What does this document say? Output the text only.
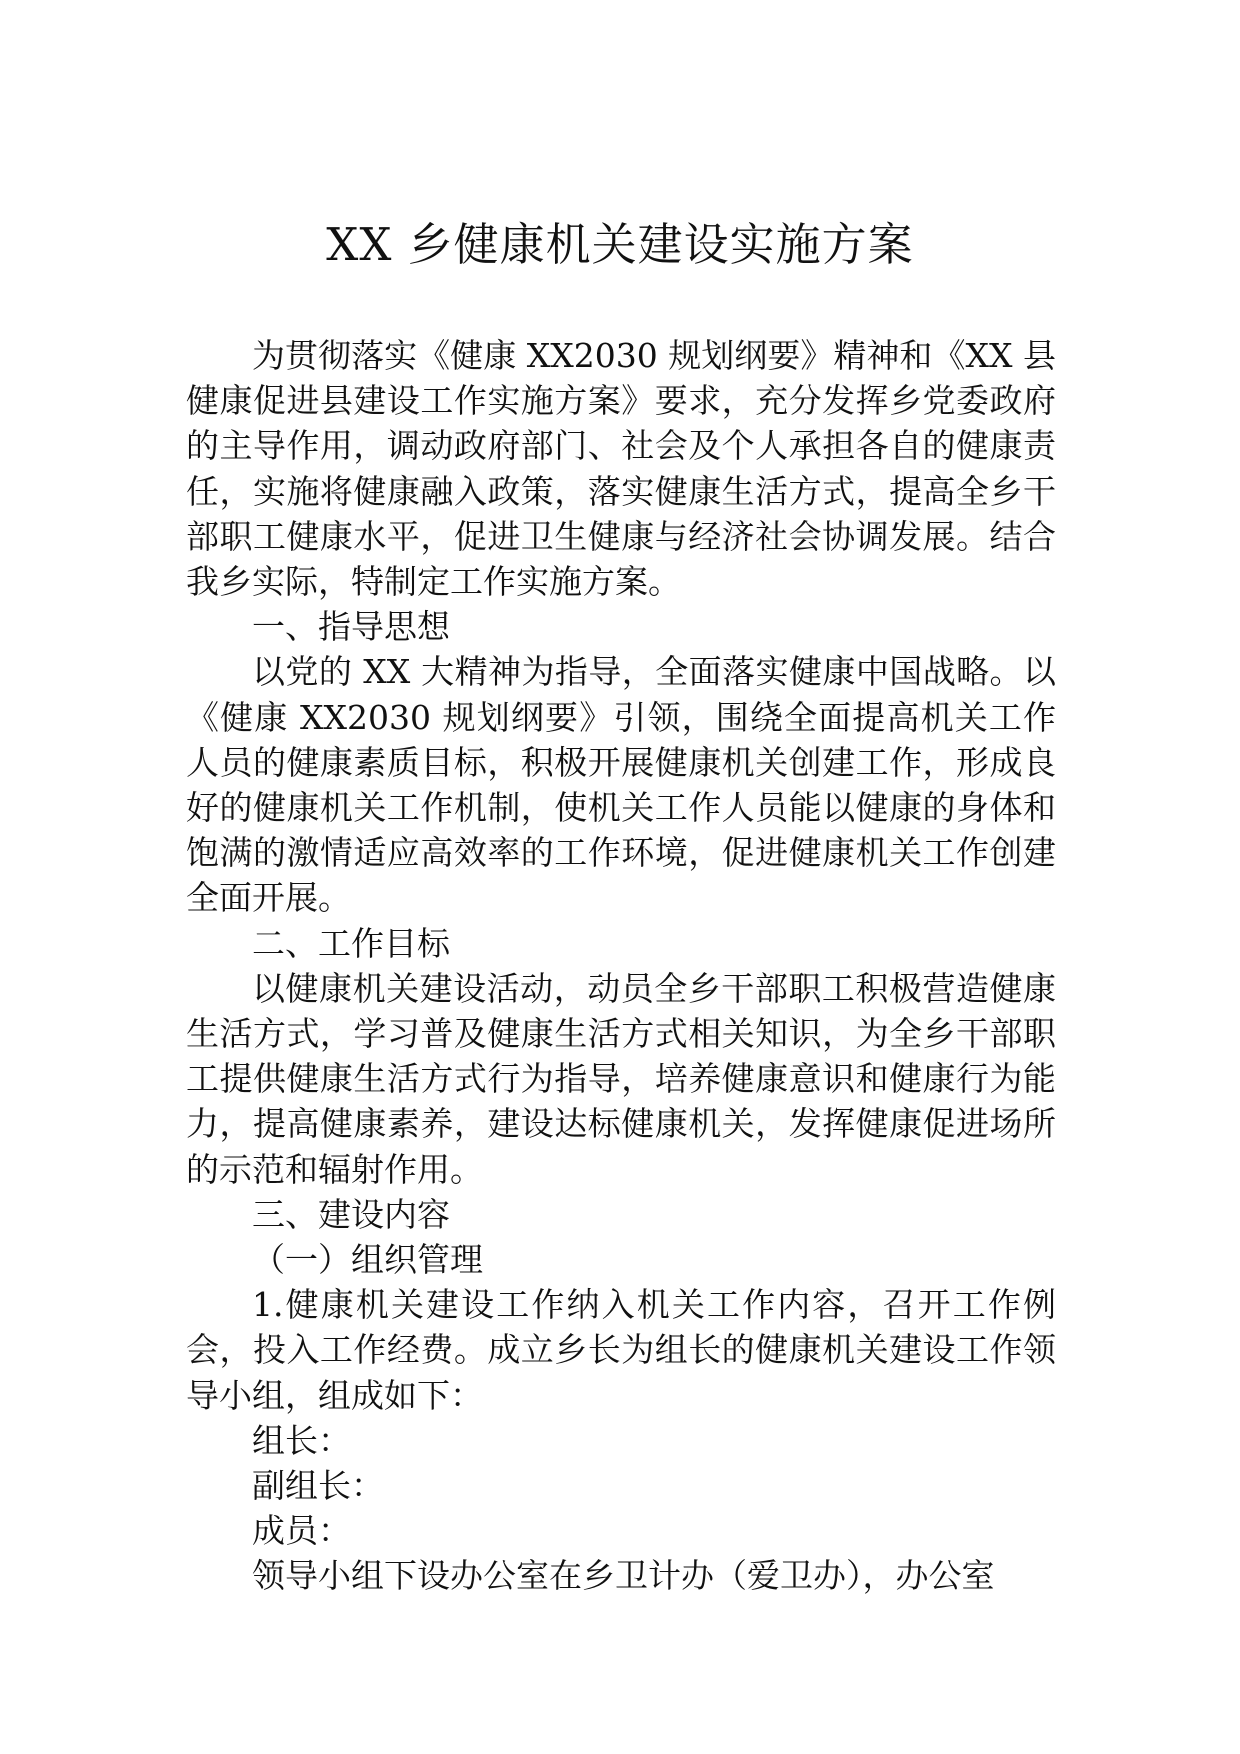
XX 乡健康机关建设实施方案

为贯彻落实《健康 XX2030 规划纲要》精神和《XX 县健康促进县建设工作实施方案》要求，充分发挥乡党委政府的主导作用，调动政府部门、社会及个人承担各自的健康责任，实施将健康融入政策，落实健康生活方式，提高全乡干部职工健康水平，促进卫生健康与经济社会协调发展。结合我乡实际，特制定工作实施方案。

一、指导思想

以党的 XX 大精神为指导，全面落实健康中国战略。以《健康 XX2030 规划纲要》引领，围绕全面提高机关工作人员的健康素质目标，积极开展健康机关创建工作，形成良好的健康机关工作机制，使机关工作人员能以健康的身体和饱满的激情适应高效率的工作环境，促进健康机关工作创建全面开展。

二、工作目标

以健康机关建设活动，动员全乡干部职工积极营造健康生活方式，学习普及健康生活方式相关知识，为全乡干部职工提供健康生活方式行为指导，培养健康意识和健康行为能力，提高健康素养，建设达标健康机关，发挥健康促进场所的示范和辐射作用。

三、建设内容

（一）组织管理

1.健康机关建设工作纳入机关工作内容，召开工作例会，投入工作经费。成立乡长为组长的健康机关建设工作领导小组，组成如下：

组长：

副组长：

成员：

领导小组下设办公室在乡卫计办（爱卫办），办公室
